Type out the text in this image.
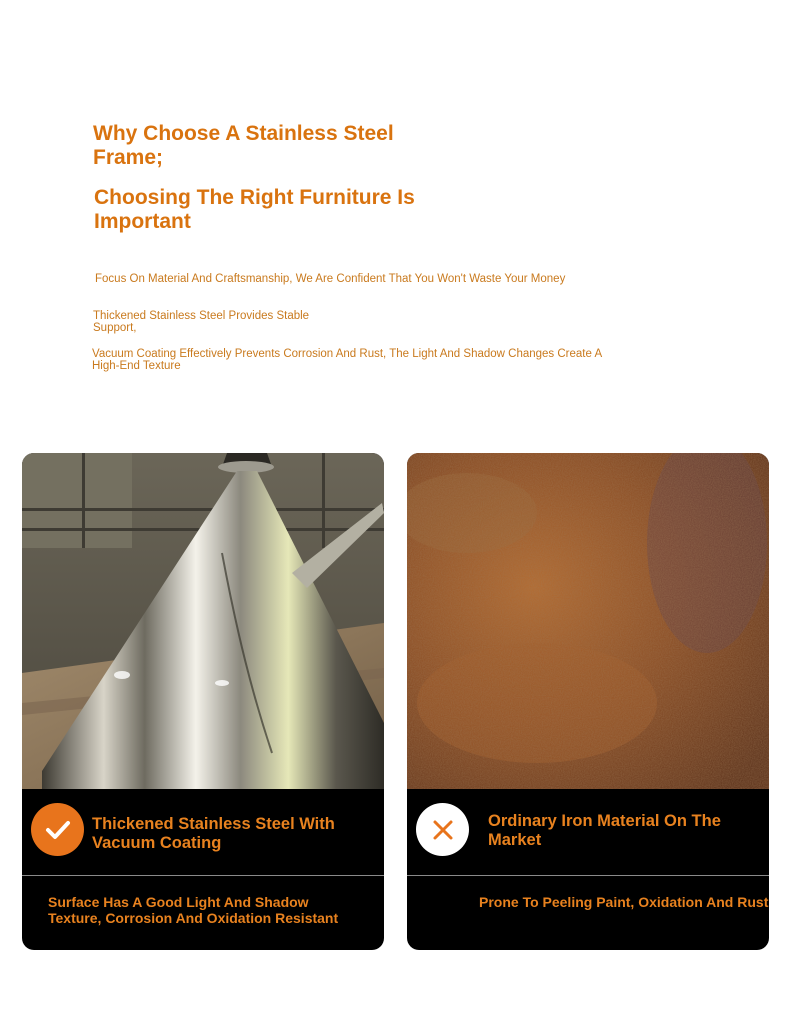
Why Choose A Stainless Steel Frame;
Choosing The Right Furniture Is Important

Focus On Material And Craftsmanship, We Are Confident That You Won't Waste Your Money

Thickened Stainless Steel Provides Stable Support,

Vacuum Coating Effectively Prevents Corrosion And Rust, The Light And Shadow Changes Create A High-End Texture

Thickened Stainless Steel With Vacuum Coating

Surface Has A Good Light And Shadow Texture, Corrosion And Oxidation Resistant

Ordinary Iron Material On The Market

Prone To Peeling Paint, Oxidation And Rust
